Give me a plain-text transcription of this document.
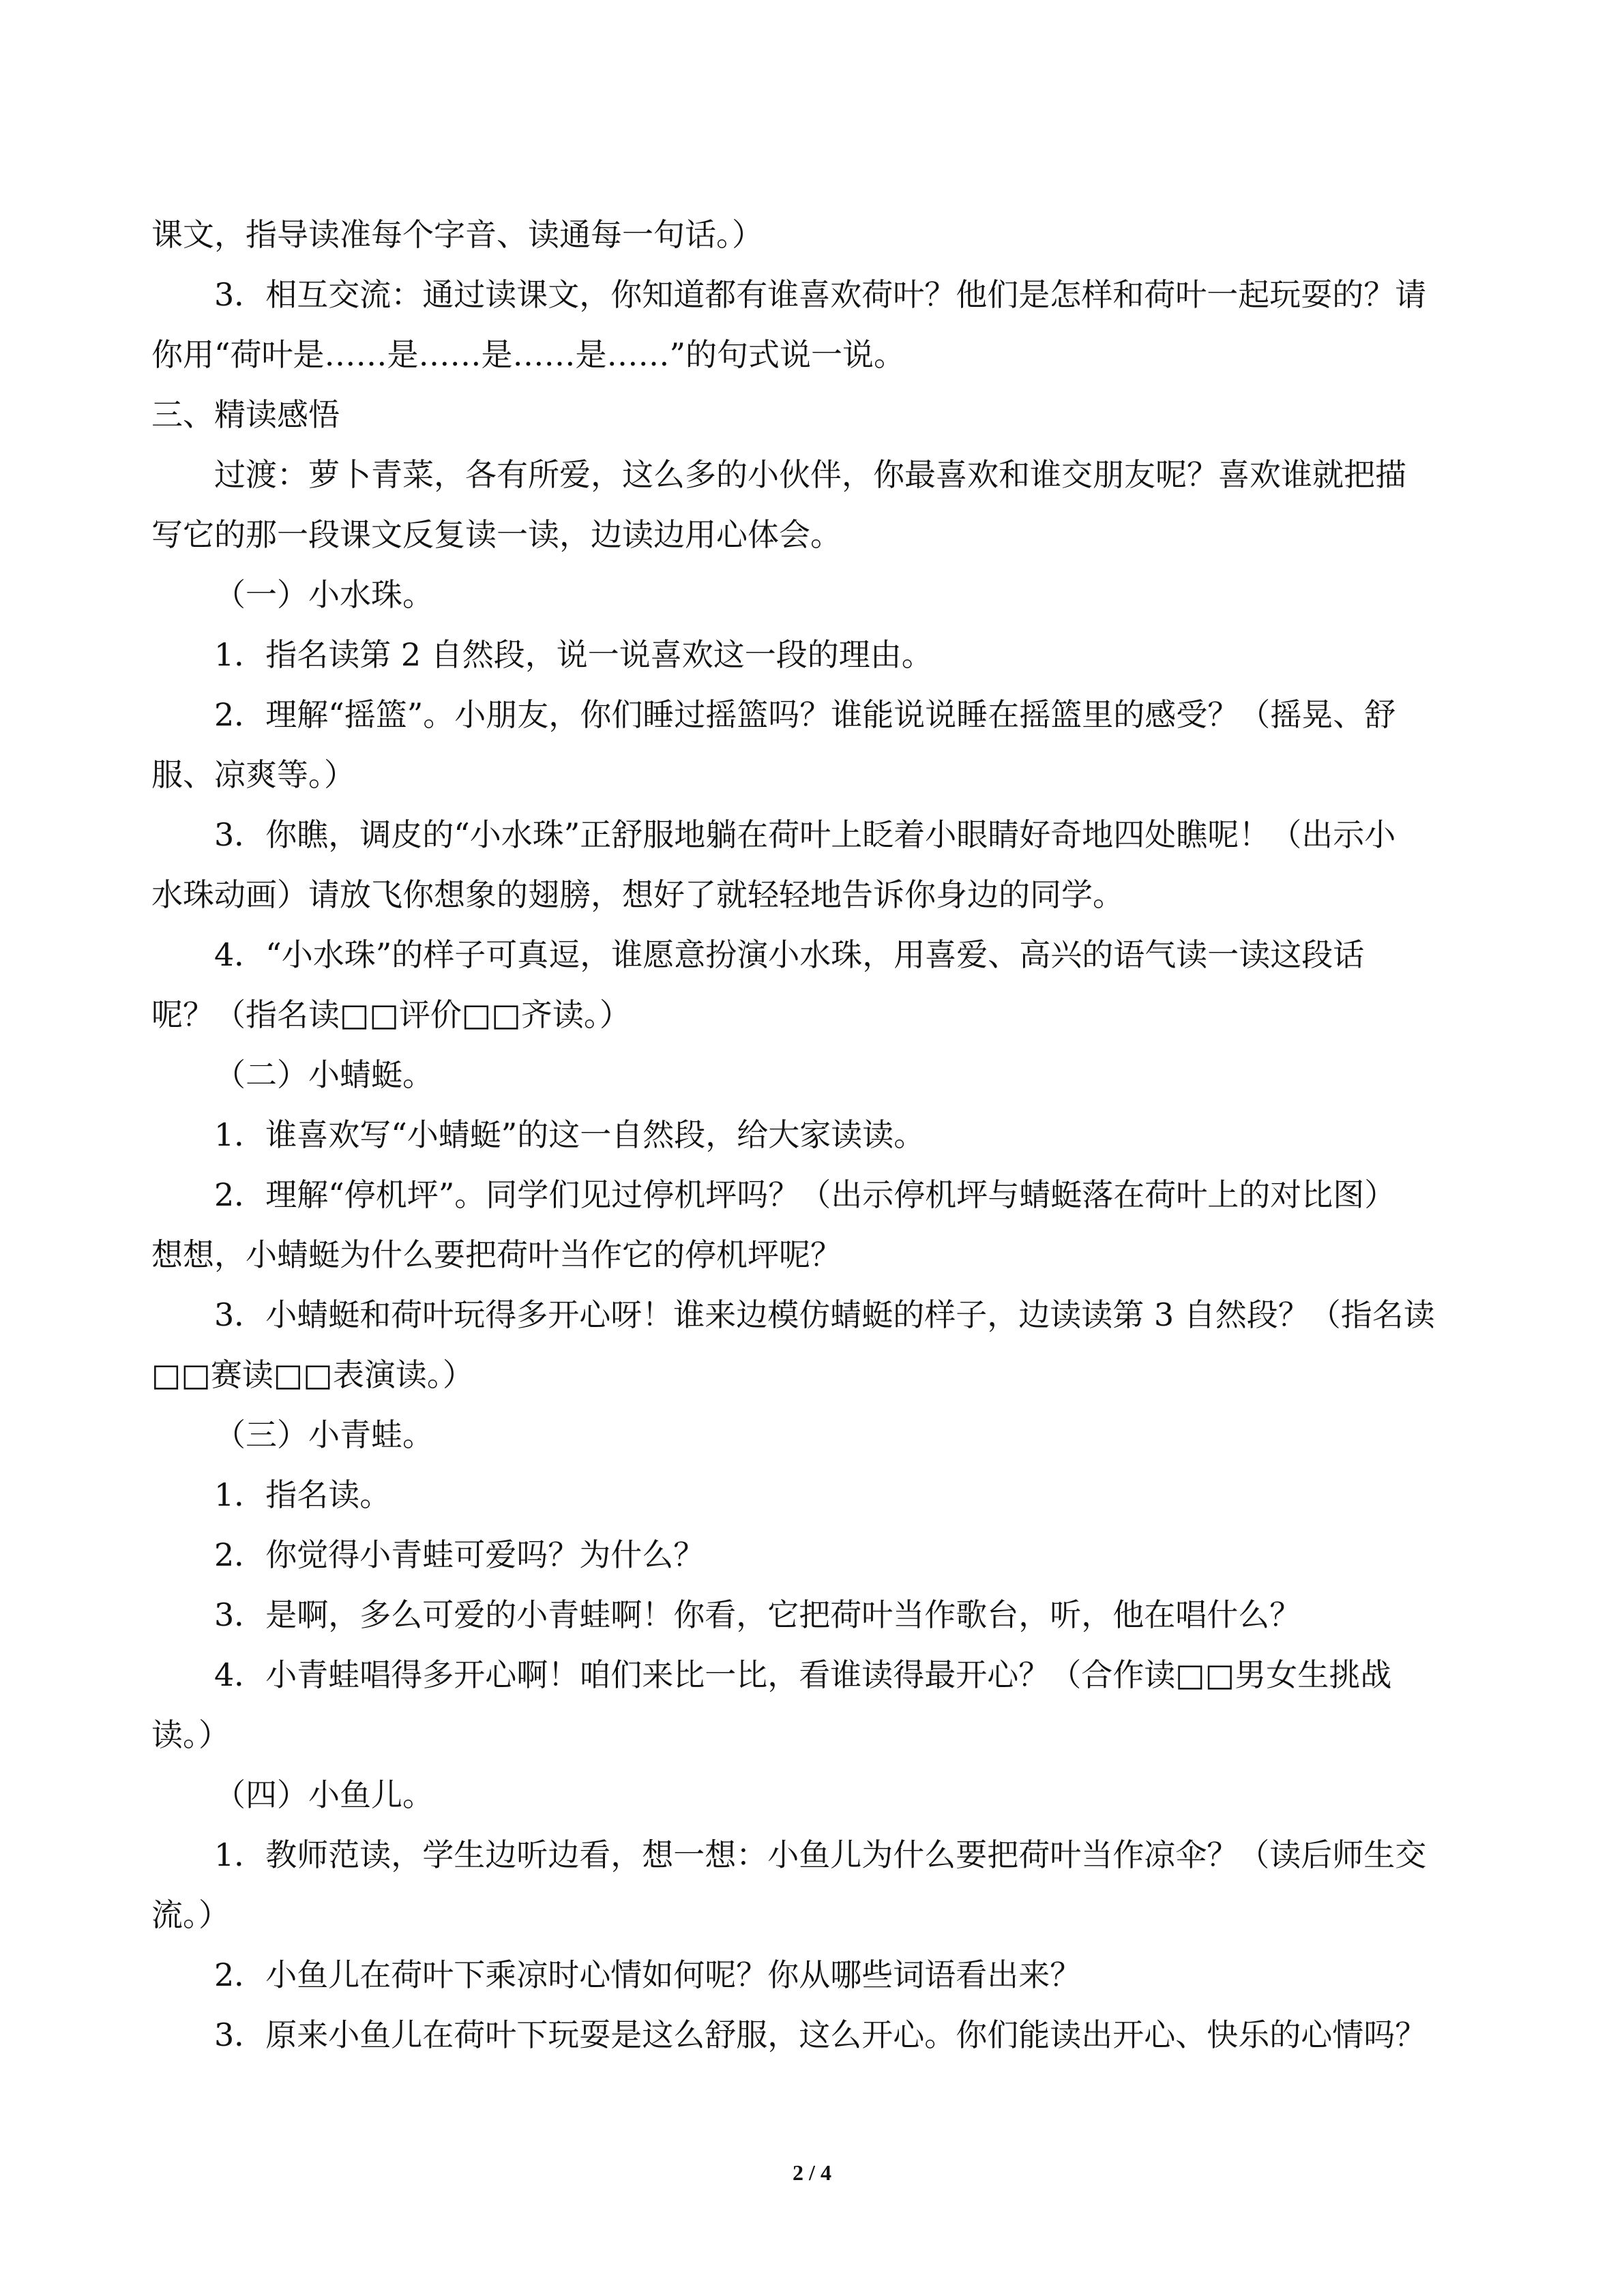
课文，指导读准每个字音、读通每一句话。）
3．相互交流：通过读课文，你知道都有谁喜欢荷叶？他们是怎样和荷叶一起玩耍的？请
你用“荷叶是……是……是……是……”的句式说一说。
三、精读感悟
过渡：萝卜青菜，各有所爱，这么多的小伙伴，你最喜欢和谁交朋友呢？喜欢谁就把描
写它的那一段课文反复读一读，边读边用心体会。
（一）小水珠。
1．指名读第 2 自然段，说一说喜欢这一段的理由。
2．理解“摇篮”。小朋友，你们睡过摇篮吗？谁能说说睡在摇篮里的感受？（摇晃、舒
服、凉爽等。）
3．你瞧，调皮的“小水珠”正舒服地躺在荷叶上眨着小眼睛好奇地四处瞧呢！（出示小
水珠动画）请放飞你想象的翅膀，想好了就轻轻地告诉你身边的同学。
4．“小水珠”的样子可真逗，谁愿意扮演小水珠，用喜爱、高兴的语气读一读这段话
呢？（指名读□□评价□□齐读。）
（二）小蜻蜓。
1．谁喜欢写“小蜻蜓”的这一自然段，给大家读读。
2．理解“停机坪”。同学们见过停机坪吗？（出示停机坪与蜻蜓落在荷叶上的对比图）
想想，小蜻蜓为什么要把荷叶当作它的停机坪呢？
3．小蜻蜓和荷叶玩得多开心呀！谁来边模仿蜻蜓的样子，边读读第 3 自然段？（指名读
□□赛读□□表演读。）
（三）小青蛙。
1．指名读。
2．你觉得小青蛙可爱吗？为什么？
3．是啊，多么可爱的小青蛙啊！你看，它把荷叶当作歌台，听，他在唱什么？
4．小青蛙唱得多开心啊！咱们来比一比，看谁读得最开心？（合作读□□男女生挑战
读。）
（四）小鱼儿。
1．教师范读，学生边听边看，想一想：小鱼儿为什么要把荷叶当作凉伞？（读后师生交
流。）
2．小鱼儿在荷叶下乘凉时心情如何呢？你从哪些词语看出来？
3．原来小鱼儿在荷叶下玩耍是这么舒服，这么开心。你们能读出开心、快乐的心情吗？
2 / 4
